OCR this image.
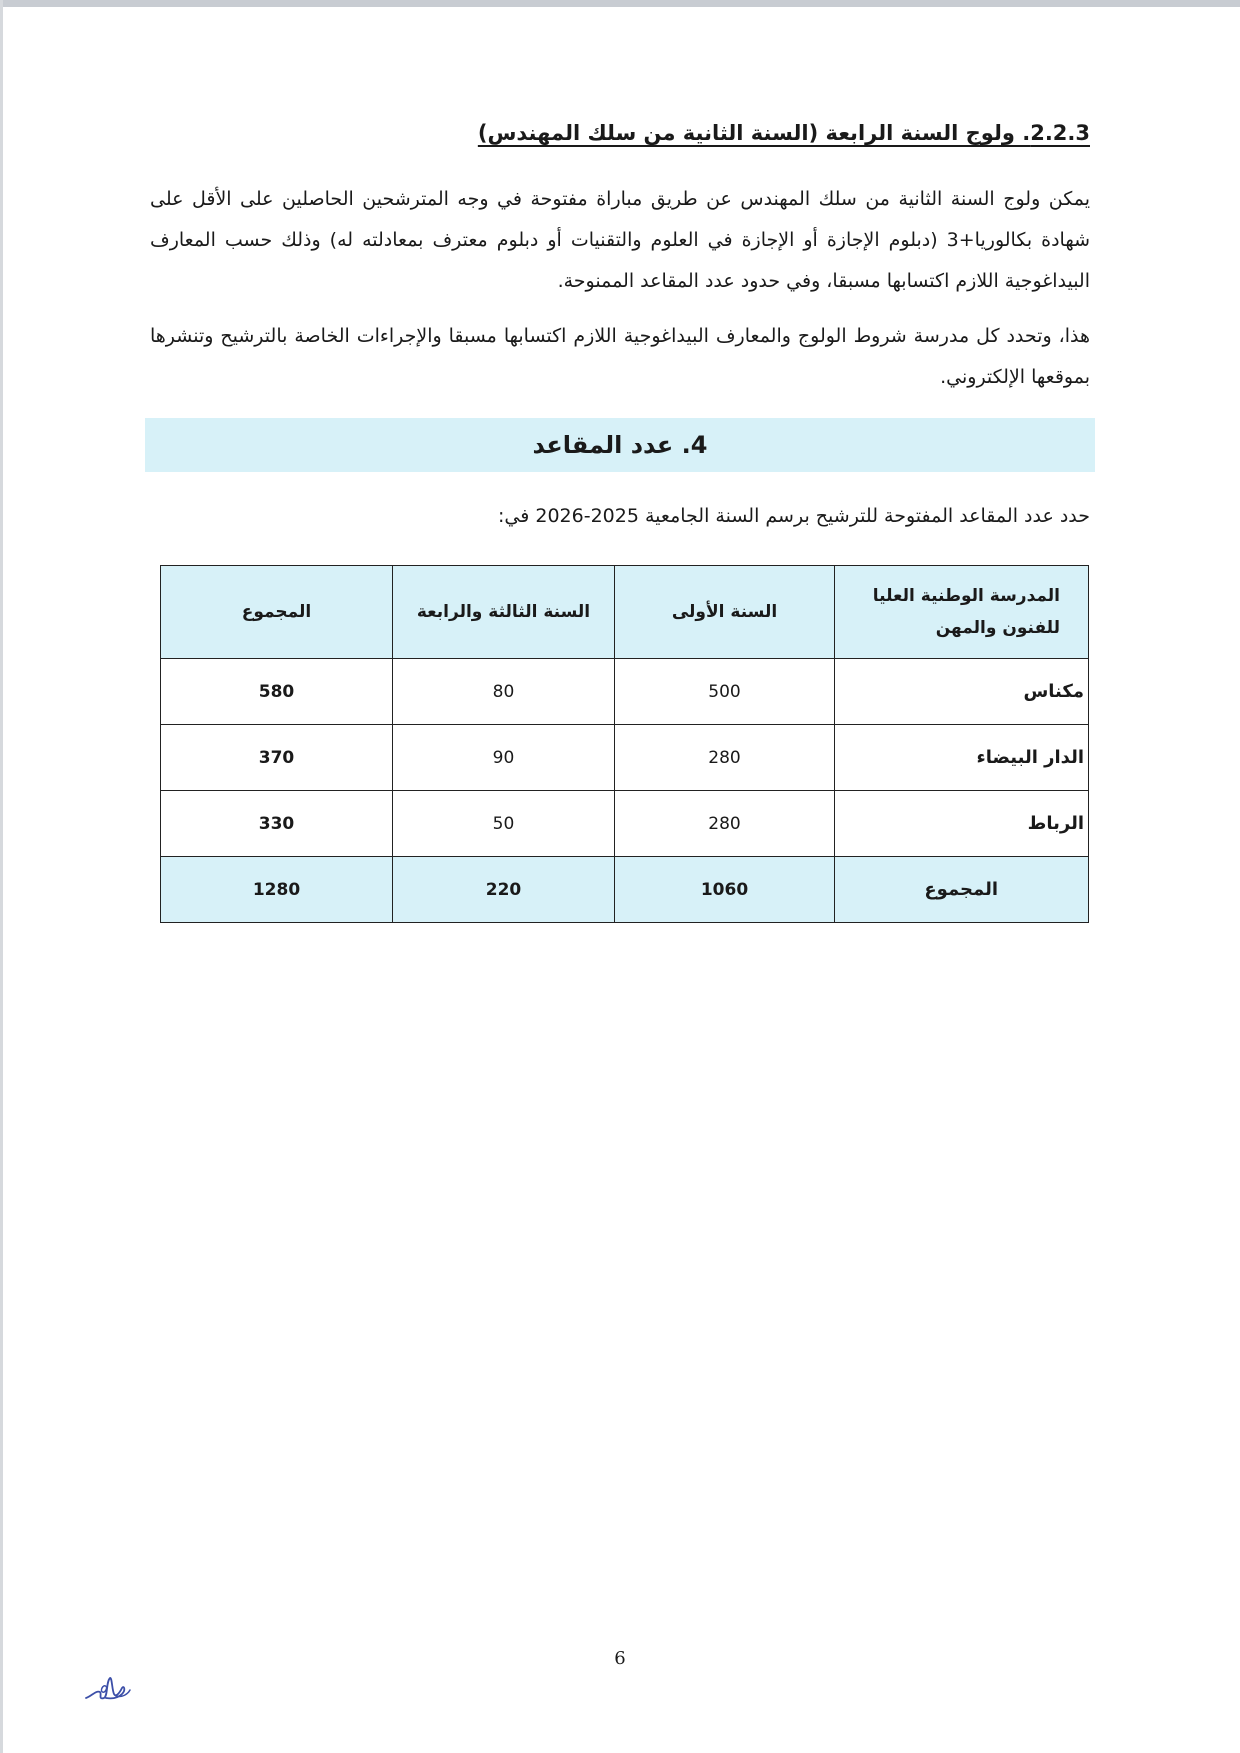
2.2.3. ولوج السنة الرابعة (السنة الثانية من سلك المهندس)

يمكن ولوج السنة الثانية من سلك المهندس عن طريق مباراة مفتوحة في وجه المترشحين الحاصلين على الأقل على شهادة بكالوريا+3 (دبلوم الإجازة أو الإجازة في العلوم والتقنيات أو دبلوم معترف بمعادلته له) وذلك حسب المعارف البيداغوجية اللازم اكتسابها مسبقا، وفي حدود عدد المقاعد الممنوحة.

هذا، وتحدد كل مدرسة شروط الولوج والمعارف البيداغوجية اللازم اكتسابها مسبقا والإجراءات الخاصة بالترشيح وتنشرها بموقعها الإلكتروني.

4. عدد المقاعد

حدد عدد المقاعد المفتوحة للترشيح برسم السنة الجامعية 2025-2026 في:

المدرسة الوطنية العليا
للفنون والمهن	السنة الأولى	السنة الثالثة والرابعة	المجموع
مكناس	500	80	580
الدار البيضاء	280	90	370
الرباط	280	50	330
المجموع	1060	220	1280
6
